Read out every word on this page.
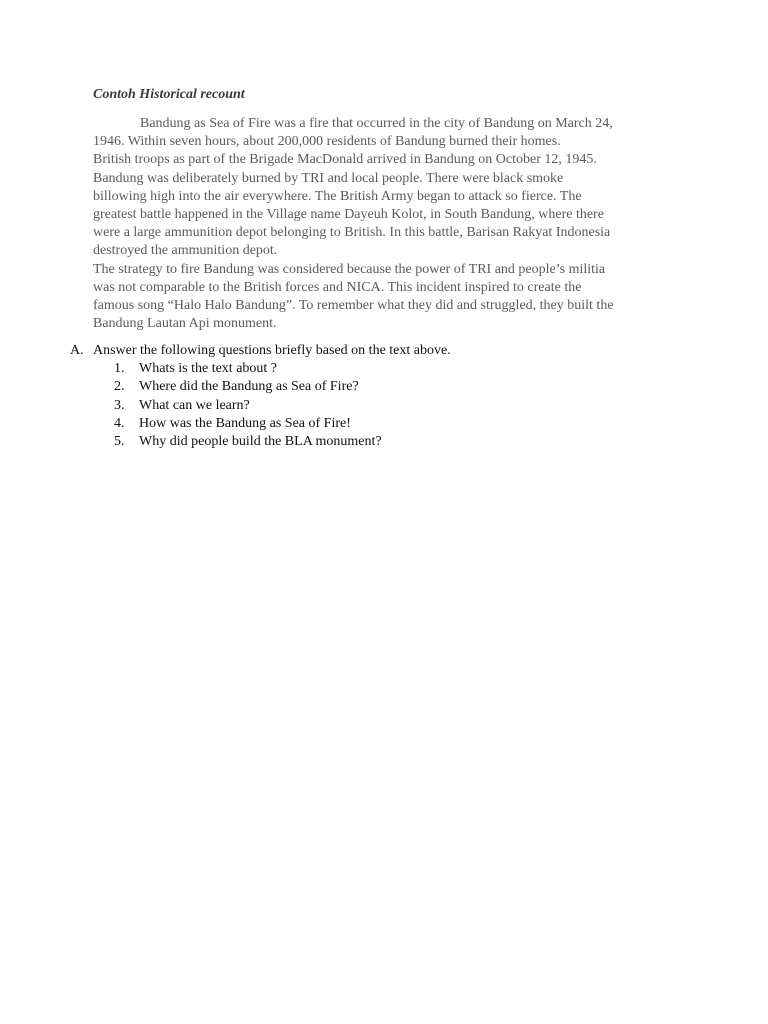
Contoh Historical recount
Bandung as Sea of Fire was a fire that occurred in the city of Bandung on March 24,
1946. Within seven hours, about 200,000 residents of Bandung burned their homes.
British troops as part of the Brigade MacDonald arrived in Bandung on October 12, 1945.
Bandung was deliberately burned by TRI and local people. There were black smoke
billowing high into the air everywhere. The British Army began to attack so fierce. The
greatest battle happened in the Village name Dayeuh Kolot, in South Bandung, where there
were a large ammunition depot belonging to British. In this battle, Barisan Rakyat Indonesia
destroyed the ammunition depot.
The strategy to fire Bandung was considered because the power of TRI and people’s militia
was not comparable to the British forces and NICA. This incident inspired to create the
famous song “Halo Halo Bandung”. To remember what they did and struggled, they built the
Bandung Lautan Api monument.
A. Answer the following questions briefly based on the text above.
1. Whats is the text about ?
2. Where did the Bandung as Sea of Fire?
3. What can we learn?
4. How was the Bandung as Sea of Fire!
5. Why did people build the BLA monument?
